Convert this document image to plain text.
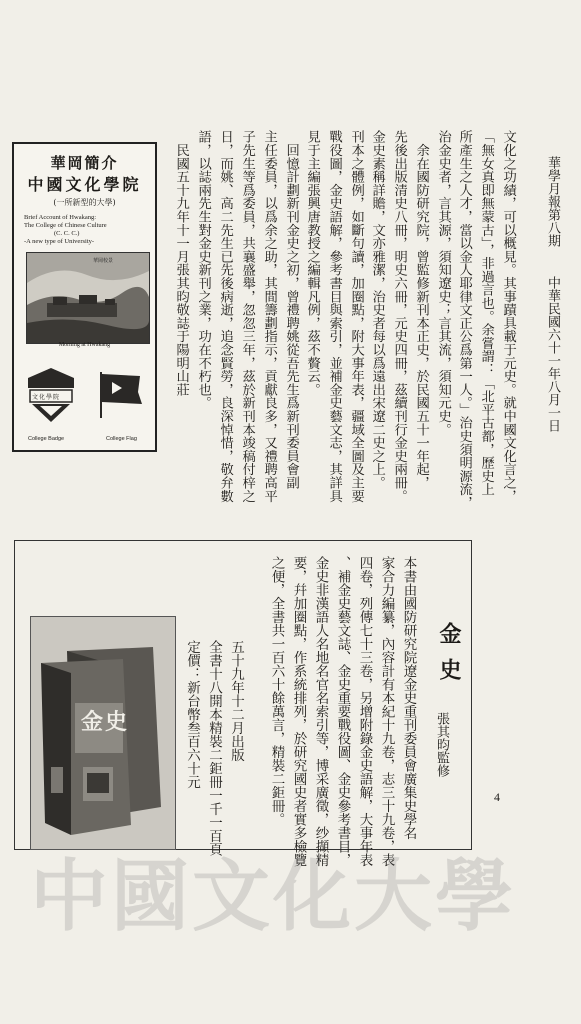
華學月報第八期
中華民國六十一年八月一日
文化之功績，可以概見。其事蹟具載于元史。就中國文化言之，
「無女真即無蒙古」，非過言也。余嘗謂：「北平古都，歷史上
所產生之人才，當以金人耶律文正公爲第一人。」治史須明源流，
治金史者，言其源，須知遼史；言其流，須知元史。
　余在國防研究院，曾監修新刊本正史，於民國五十一年起，
先後出版清史八冊，明史六冊，元史四冊，茲續刊行金史兩冊。
金史素稱詳贍，文亦雅潔，治史者每以爲遠出宋遼二史之上。
刊本之體例，如斷句讀，加圈點，附大事年表，疆域全圖及主要
戰役圖，金史語解，參考書目與索引，並補金史藝文志，其詳具
見于主編張興唐教授之編輯凡例，茲不贅云。
　回憶計劃新刊金史之初，曾禮聘姚從吾先生爲新刊委員會副
主任委員，以爲余之助，其間籌劃指示，貢獻良多，又禮聘高平
子先生等爲委員，共襄盛舉，忽忽三年，茲於新刊本竣稿付梓之
日，而姚、高二先生已先後病逝，追念賢勞，良深悼惜，敬弁數
語，以誌兩先生對金史新刊之業，功在不朽也。
　民國五十九年十一月張其昀敬誌于陽明山莊
華岡簡介
中國文化學院
(一所新型的大學)
Brief Account of Hwakang:
The College of Chinese Culture
(C. C. C.)
-A new type of University-
華岡校景
Morning at Hwakang
文化學院
College Badge	College Flag
金史
張其昀監修
本書由國防研究院遼金史重刊委員會廣集史學名
家合力編纂，內容計有本紀十九卷，志三十九卷，表
四卷，列傳七十三卷，另增附錄金史語解，大事年表
、補金史藝文誌、金史重要戰役圖、金史參考書目，
金史非漢語人名地名官名索引等，博采廣徵，纱擷精
要，幷加圈點，作系統排列，於研究國史者實多檢覽
之便，全書共一百六十餘萬言，精裝二鉅冊。
五十九年十二月出版
全書十八開本精裝二鉅冊一千一百頁
定價：新台幣叁百六十元
金史
4
中國文化大學
